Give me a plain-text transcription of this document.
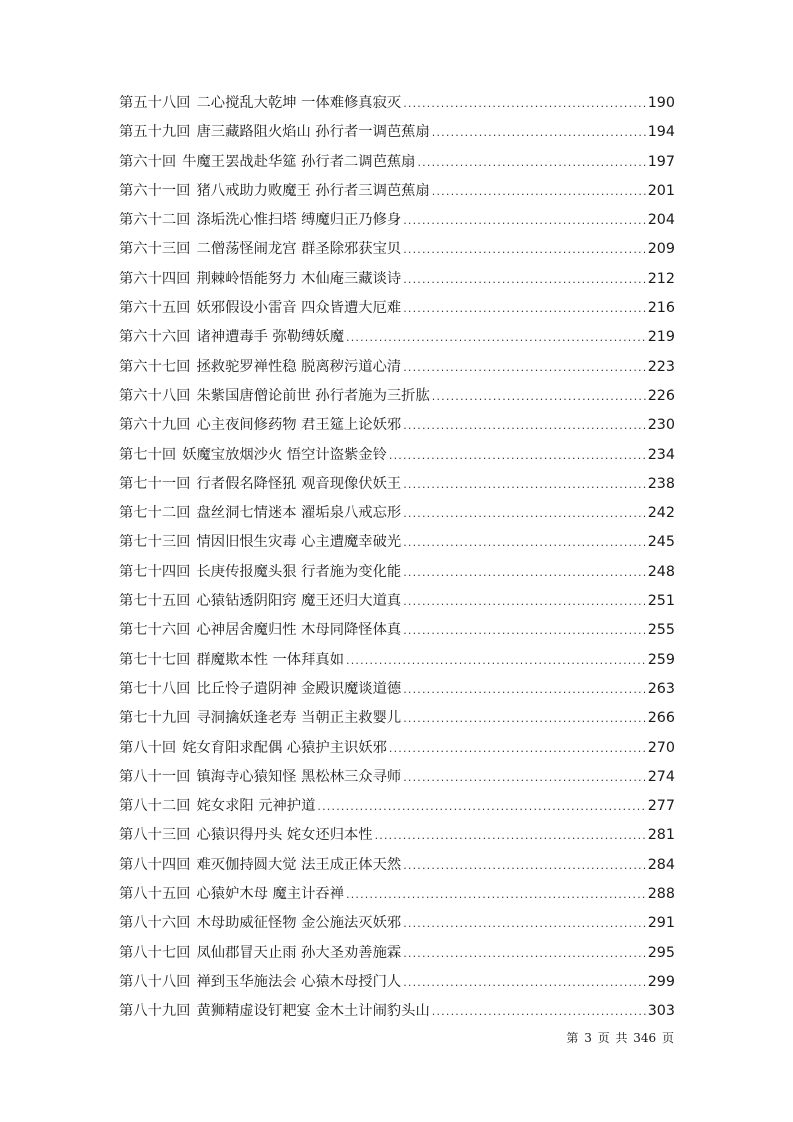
第五十八回 二心搅乱大乾坤 一体难修真寂灭 .....	190
第五十九回 唐三藏路阻火焰山 孙行者一调芭蕉扇 .....	194
第六十回 牛魔王罢战赴华筵 孙行者二调芭蕉扇 .....	197
第六十一回 猪八戒助力败魔王 孙行者三调芭蕉扇 .....	201
第六十二回 涤垢洗心惟扫塔 缚魔归正乃修身 .....	204
第六十三回 二僧荡怪闹龙宫 群圣除邪获宝贝 .....	209
第六十四回 荆棘岭悟能努力 木仙庵三藏谈诗 .....	212
第六十五回 妖邪假设小雷音 四众皆遭大厄难 .....	216
第六十六回 诸神遭毒手 弥勒缚妖魔 .....	219
第六十七回 拯救驼罗禅性稳 脱离秽污道心清 .....	223
第六十八回 朱紫国唐僧论前世 孙行者施为三折肱 .....	226
第六十九回 心主夜间修药物 君王筵上论妖邪 .....	230
第七十回 妖魔宝放烟沙火 悟空计盗紫金铃 .....	234
第七十一回 行者假名降怪犼 观音现像伏妖王 .....	238
第七十二回 盘丝洞七情迷本 濯垢泉八戒忘形 .....	242
第七十三回 情因旧恨生灾毒 心主遭魔幸破光 .....	245
第七十四回 长庚传报魔头狠 行者施为变化能 .....	248
第七十五回 心猿钻透阴阳窍 魔王还归大道真 .....	251
第七十六回 心神居舍魔归性 木母同降怪体真 .....	255
第七十七回 群魔欺本性 一体拜真如 .....	259
第七十八回 比丘怜子遣阴神 金殿识魔谈道德 .....	263
第七十九回 寻洞擒妖逢老寿 当朝正主救婴儿 .....	266
第八十回 姹女育阳求配偶 心猿护主识妖邪 .....	270
第八十一回 镇海寺心猿知怪 黑松林三众寻师 .....	274
第八十二回 姹女求阳 元神护道 .....	277
第八十三回 心猿识得丹头 姹女还归本性 .....	281
第八十四回 难灭伽持圆大觉 法王成正体天然 .....	284
第八十五回 心猿妒木母 魔主计吞禅 .....	288
第八十六回 木母助威征怪物 金公施法灭妖邪 .....	291
第八十七回 凤仙郡冒天止雨 孙大圣劝善施霖 .....	295
第八十八回 禅到玉华施法会 心猿木母授门人 .....	299
第八十九回 黄狮精虚设钉耙宴 金木土计闹豹头山 .....	303
第 3 页 共 346 页
